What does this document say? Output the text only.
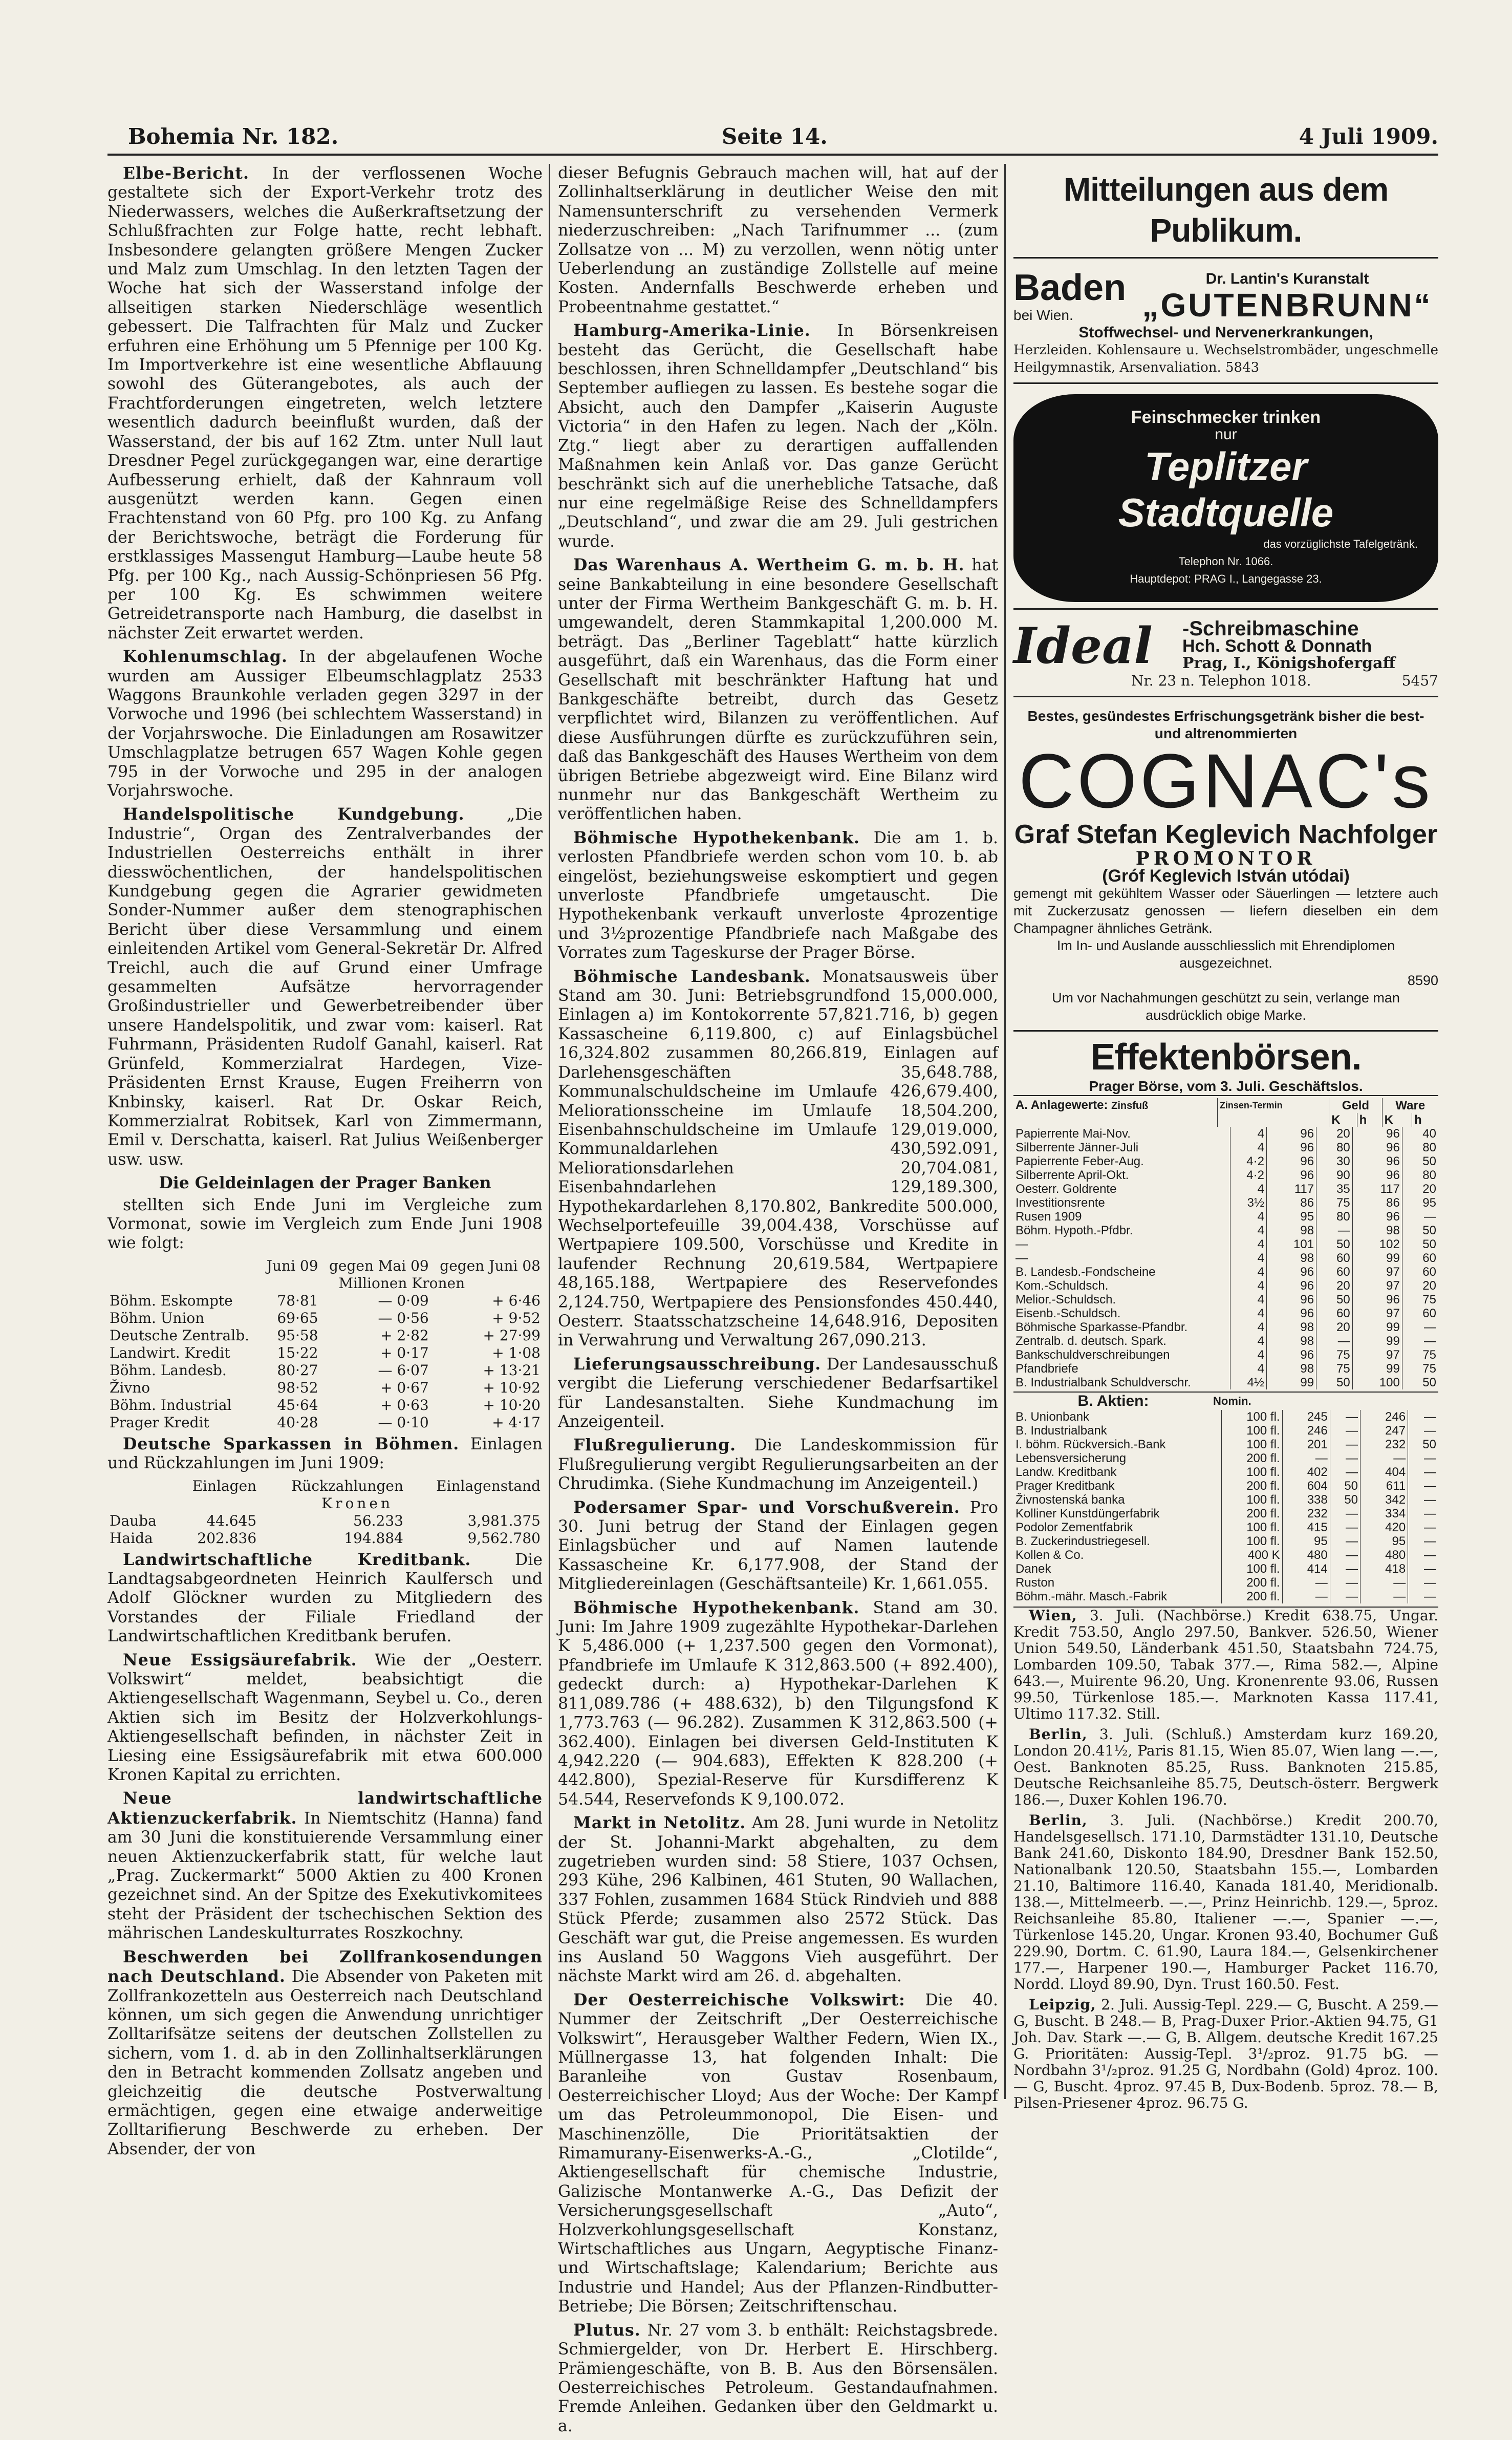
Bohemia Nr. 182.	Seite 14.	4 Juli 1909.

Elbe-Bericht. In der verflossenen Woche gestaltete sich der Export-Verkehr trotz des Niederwassers, welches die Außerkraftsetzung der Schlußfrachten zur Folge hatte, recht lebhaft. Insbesondere gelangten größere Mengen Zucker und Malz zum Umschlag. In den letzten Tagen der Woche hat sich der Wasserstand infolge der allseitigen starken Niederschläge wesentlich gebessert. Die Talfrachten für Malz und Zucker erfuhren eine Erhöhung um 5 Pfennige per 100 Kg. Im Importverkehre ist eine wesentliche Abflauung sowohl des Güterangebotes, als auch der Frachtforderungen eingetreten, welch letztere wesentlich dadurch beeinflußt wurden, daß der Wasserstand, der bis auf 162 Ztm. unter Null laut Dresdner Pegel zurückgegangen war, eine derartige Aufbesserung erhielt, daß der Kahnraum voll ausgenützt werden kann. Gegen einen Frachtenstand von 60 Pfg. pro 100 Kg. zu Anfang der Berichtswoche, beträgt die Forderung für erstklassiges Massengut Hamburg—Laube heute 58 Pfg. per 100 Kg., nach Aussig-Schönpriesen 56 Pfg. per 100 Kg. Es schwimmen weitere Getreidetransporte nach Hamburg, die daselbst in nächster Zeit erwartet werden.

Kohlenumschlag. In der abgelaufenen Woche wurden am Aussiger Elbeumschlagplatz 2533 Waggons Braunkohle verladen gegen 3297 in der Vorwoche und 1996 (bei schlechtem Wasserstand) in der Vorjahrswoche. Die Einladungen am Rosawitzer Umschlagplatze betrugen 657 Wagen Kohle gegen 795 in der Vorwoche und 295 in der analogen Vorjahrswoche.

Handelspolitische Kundgebung.	„Die Industrie“, Organ des Zentralverbandes der Industriellen Oesterreichs enthält in ihrer diesswöchentlichen, der handelspolitischen Kundgebung gegen die Agrarier gewidmeten Sonder-Nummer außer dem stenographischen Bericht über diese Versammlung und einem einleitenden Artikel vom General-Sekretär Dr. Alfred Treichl, auch die auf Grund einer Umfrage gesammelten Aufsätze hervorragender Großindustrieller und Gewerbetreibender über unsere Handelspolitik, und zwar vom: kaiserl. Rat Fuhrmann, Präsidenten Rudolf Ganahl, kaiserl. Rat Grünfeld, Kommerzialrat Hardegen, Vize-Präsidenten Ernst Krause, Eugen Freiherrn von Knbinsky, kaiserl. Rat Dr. Oskar Reich, Kommerzialrat Robitsek, Karl von Zimmermann, Emil v. Derschatta, kaiserl. Rat Julius Weißenberger usw. usw.

Die Geldeinlagen der Prager Banken

stellten sich Ende Juni im Vergleiche zum Vormonat, sowie im Vergleich zum Ende Juni 1908 wie folgt:

	Juni 09	gegen Mai 09	gegen Juni 08
	Millionen Kronen		
Böhm. Eskompte	78·81	— 0·09	+ 6·46
Böhm. Union	69·65	— 0·56	+ 9·52
Deutsche Zentralb.	95·58	+ 2·82	+ 27·99
Landwirt. Kredit	15·22	+ 0·17	+ 1·08
Böhm. Landesb.	80·27	— 6·07	+ 13·21
Živno	98·52	+ 0·67	+ 10·92
Böhm. Industrial	45·64	+ 0·63	+ 10·20
Prager Kredit	40·28	— 0·10	+ 4·17

Deutsche Sparkassen in Böhmen. Einlagen und Rückzahlungen im Juni 1909:

	Einlagen	Rückzahlungen	Einlagenstand
	Kronen		
Dauba	44.645	56.233	3,981.375
Haida	202.836	194.884	9,562.780

Landwirtschaftliche Kreditbank.	Die Landtagsabgeordneten Heinrich Kaulfersch und Adolf Glöckner wurden zu Mitgliedern des Vorstandes der Filiale Friedland der Landwirtschaftlichen Kreditbank berufen.

Neue Essigsäurefabrik. Wie der „Oesterr. Volkswirt“ meldet, beabsichtigt die Aktiengesellschaft Wagenmann, Seybel u. Co., deren Aktien sich im Besitz der Holzverkohlungs-Aktiengesellschaft befinden, in nächster Zeit in Liesing eine Essigsäurefabrik mit etwa 600.000 Kronen Kapital zu errichten.

Neue landwirtschaftliche Aktienzuckerfabrik. In Niemtschitz (Hanna) fand am 30 Juni die konstituierende Versammlung einer neuen Aktienzuckerfabrik statt, für welche laut „Prag. Zuckermarkt“ 5000 Aktien zu 400 Kronen gezeichnet sind. An der Spitze des Exekutivkomitees steht der Präsident der tschechischen Sektion des mährischen Landeskulturrates Roszkochny.

Beschwerden bei Zollfrankosendungen nach Deutschland. Die Absender von Paketen mit Zollfrankozetteln aus Oesterreich nach Deutschland können, um sich gegen die Anwendung unrichtiger Zolltarifsätze seitens der deutschen Zollstellen zu sichern, vom 1. d. ab in den Zollinhaltserklärungen den in Betracht kommenden Zollsatz angeben und gleichzeitig die deutsche Postverwaltung ermächtigen, gegen eine etwaige anderweitige Zolltarifierung Beschwerde zu erheben. Der Absender, der von

dieser Befugnis Gebrauch machen will, hat auf der Zollinhaltserklärung in deutlicher Weise den mit Namensunterschrift zu versehenden Vermerk niederzuschreiben: „Nach Tarifnummer ... (zum Zollsatze von ... M) zu verzollen, wenn nötig unter Ueberlendung an zuständige Zollstelle auf meine Kosten. Andernfalls Beschwerde erheben und Probeentnahme gestattet.“

Hamburg-Amerika-Linie. In Börsenkreisen besteht das Gerücht, die Gesellschaft habe beschlossen, ihren Schnelldampfer „Deutschland“ bis September aufliegen zu lassen. Es bestehe sogar die Absicht, auch den Dampfer „Kaiserin Auguste Victoria“ in den Hafen zu legen. Nach der „Köln. Ztg.“ liegt aber zu derartigen auffallenden Maßnahmen kein Anlaß vor. Das ganze Gerücht beschränkt sich auf die unerhebliche Tatsache, daß nur eine regelmäßige Reise des Schnelldampfers „Deutschland“, und zwar die am 29. Juli gestrichen wurde.

Das Warenhaus A. Wertheim G. m. b. H. hat seine Bankabteilung in eine besondere Gesellschaft unter der Firma Wertheim Bankgeschäft G. m. b. H. umgewandelt, deren Stammkapital 1,200.000 M. beträgt. Das „Berliner Tageblatt“ hatte kürzlich ausgeführt, daß ein Warenhaus, das die Form einer Gesellschaft mit beschränkter Haftung hat und Bankgeschäfte betreibt, durch das Gesetz verpflichtet wird, Bilanzen zu veröffentlichen. Auf diese Ausführungen dürfte es zurückzuführen sein, daß das Bankgeschäft des Hauses Wertheim von dem übrigen Betriebe abgezweigt wird. Eine Bilanz wird nunmehr nur das Bankgeschäft Wertheim zu veröffentlichen haben.

Böhmische Hypothekenbank. Die am 1. b. verlosten Pfandbriefe werden schon vom 10. b. ab eingelöst, beziehungsweise eskomptiert und gegen unverloste Pfandbriefe umgetauscht. Die Hypothekenbank verkauft unverloste 4prozentige und 3½prozentige Pfandbriefe nach Maßgabe des Vorrates zum Tageskurse der Prager Börse.

Böhmische Landesbank. Monatsausweis über Stand am 30. Juni: Betriebsgrundfond 15,000.000, Einlagen a) im Kontokorrente 57,821.716, b) gegen Kassascheine 6,119.800, c) auf Einlagsbüchel 16,324.802 zusammen 80,266.819, Einlagen auf Darlehensgeschäften 35,648.788, Kommunalschuldscheine im Umlaufe 426,679.400, Meliorationsscheine im Umlaufe 18,504.200, Eisenbahnschuldscheine im Umlaufe 129,019.000, Kommunaldarlehen 430,592.091, Meliorationsdarlehen 20,704.081, Eisenbahndarlehen 129,189.300, Hypothekardarlehen 8,170.802, Bankredite 500.000, Wechselportefeuille 39,004.438, Vorschüsse auf Wertpapiere 109.500, Vorschüsse und Kredite in laufender Rechnung 20,619.584, Wertpapiere 48,165.188, Wertpapiere des Reservefondes 2,124.750, Wertpapiere des Pensionsfondes 450.440, Oesterr. Staatsschatzscheine 14,648.916, Depositen in Verwahrung und Verwaltung 267,090.213.

Lieferungsausschreibung. Der Landesausschuß vergibt die Lieferung verschiedener Bedarfsartikel für Landesanstalten. Siehe Kundmachung im Anzeigenteil.

Flußregulierung. Die Landeskommission für Flußregulierung vergibt Regulierungsarbeiten an der Chrudimka. (Siehe Kundmachung im Anzeigenteil.)

Podersamer Spar- und Vorschußverein. Pro 30. Juni betrug der Stand der Einlagen gegen Einlagsbücher und auf Namen lautende Kassascheine Kr. 6,177.908, der Stand der Mitgliedereinlagen (Geschäftsanteile) Kr. 1,661.055.

Böhmische Hypothekenbank. Stand am 30. Juni: Im Jahre 1909 zugezählte Hypothekar-Darlehen K 5,486.000 (+ 1,237.500 gegen den Vormonat), Pfandbriefe im Umlaufe K 312,863.500 (+ 892.400), gedeckt durch: a) Hypothekar-Darlehen K 811,089.786 (+ 488.632), b) den Tilgungsfond K 1,773.763 (— 96.282). Zusammen K 312,863.500 (+ 362.400). Einlagen bei diversen Geld-Instituten K 4,942.220 (— 904.683), Effekten K 828.200 (+ 442.800), Spezial-Reserve für Kursdifferenz K 54.544, Reservefonds K 9,100.072.

Markt in Netolitz. Am 28. Juni wurde in Netolitz der St. Johanni-Markt abgehalten, zu dem zugetrieben wurden sind: 58 Stiere, 1037 Ochsen, 293 Kühe, 296 Kalbinen, 461 Stuten, 90 Wallachen, 337 Fohlen, zusammen 1684 Stück Rindvieh und 888 Stück Pferde; zusammen also 2572 Stück. Das Geschäft war gut, die Preise angemessen. Es wurden ins Ausland 50 Waggons Vieh ausgeführt. Der nächste Markt wird am 26. d. abgehalten.

Der Oesterreichische Volkswirt: Die 40. Nummer der Zeitschrift „Der Oesterreichische Volkswirt“, Herausgeber Walther Federn, Wien IX., Müllnergasse 13, hat folgenden Inhalt: Die Baranleihe von Gustav Rosenbaum, Oesterreichischer Lloyd; Aus der Woche: Der Kampf um das Petroleummonopol, Die Eisen- und Maschinenzölle, Die Prioritätsaktien der Rimamurany-Eisenwerks-A.-G., „Clotilde“, Aktiengesellschaft für chemische Industrie, Galizische Montanwerke A.-G., Das Defizit der Versicherungsgesellschaft „Auto“, Holzverkohlungsgesellschaft Konstanz, Wirtschaftliches aus Ungarn, Aegyptische Finanz- und Wirtschaftslage; Kalendarium; Berichte aus Industrie und Handel; Aus der Pflanzen-Rindbutter-Betriebe; Die Börsen; Zeitschriftenschau.

Plutus. Nr. 27 vom 3. b enthält: Reichstagsbrede. Schmiergelder, von Dr. Herbert E. Hirschberg. Prämiengeschäfte, von B. B. Aus den Börsensälen. Oesterreichisches Petroleum. Gestandaufnahmen. Fremde Anleihen. Gedanken über den Geldmarkt u. a.

Mitteilungen aus dem Publikum.
Baden
bei Wien.
Dr. Lantin's Kuranstalt
„GUTENBRUNN“
Stoffwechsel- und Nervenerkrankungen,
Herzleiden. Kohlensaure u. Wechselstrombäder, ungeschmelle Heilgymnastik, Arsenvaliation. 5843
Feinschmecker trinken
nur
Teplitzer Stadtquelle
das vorzüglichste Tafelgetränk.
Telephon Nr. 1066.
Hauptdepot: PRAG I., Langegasse 23.
Ideal	-Schreibmaschine
Hch. Schott & Donnath
Prag, I., Königshofergaff
Nr. 23 n. Telephon 1018.	5457
Bestes, gesündestes Erfrischungsgetränk bisher die best- und altrenommierten
COGNAC's
Graf Stefan Keglevich Nachfolger
PROMONTOR
(Gróf Keglevich István utódai)
gemengt mit gekühltem Wasser oder Säuerlingen — letztere auch mit Zuckerzusatz genossen — liefern dieselben ein dem Champagner ähnliches Getränk.
Im In- und Auslande ausschliesslich mit Ehrendiplomen ausgezeichnet.
8590
Um vor Nachahmungen geschützt zu sein, verlange man ausdrücklich obige Marke.
Effektenbörsen.
Prager Börse, vom 3. Juli. Geschäftslos.
A. Anlagewerte: Zinsfuß	Zinsen-Termin	Geld		Ware	
		K	h	K	h
Papierrente Mai-Nov.	4	96	20	96	40
Silberrente Jänner-Juli	4	96	80	96	80
Papierrente Feber-Aug.	4·2	96	30	96	50
Silberrente April-Okt.	4·2	96	90	96	80
Oesterr. Goldrente	4	117	35	117	20
Investitionsrente	3½	86	75	86	95
Rusen 1909	4	95	80	96	—
Böhm. Hypoth.-Pfdbr.	4	98	—	98	50
—	4	101	50	102	50
—	4	98	60	99	60
B. Landesb.-Fondscheine	4	96	60	97	60
Kom.-Schuldsch.	4	96	20	97	20
Melior.-Schuldsch.	4	96	50	96	75
Eisenb.-Schuldsch.	4	96	60	97	60
Böhmische Sparkasse-Pfandbr.	4	98	20	99	—
Zentralb. d. deutsch. Spark.	4	98	—	99	—
Bankschuldverschreibungen	4	96	75	97	75
Pfandbriefe	4	98	75	99	75
B. Industrialbank Schuldverschr.	4½	99	50	100	50
B. Aktien:	Nomin.
B. Unionbank	100 fl.	245	—	246	—
B. Industrialbank	100 fl.	246	—	247	—
I. böhm. Rückversich.-Bank	100 fl.	201	—	232	50
Lebensversicherung	200 fl.	—	—	—	—
Landw. Kreditbank	100 fl.	402	—	404	—
Prager Kreditbank	200 fl.	604	50	611	—
Živnostenská banka	100 fl.	338	50	342	—
Kolliner Kunstdüngerfabrik	200 fl.	232	—	334	—
Podolor Zementfabrik	100 fl.	415	—	420	—
B. Zuckerindustriegesell.	100 fl.	95	—	95	—
Kollen & Co.	400 K	480	—	480	—
Danek	100 fl.	414	—	418	—
Ruston	200 fl.	—	—	—	—
Böhm.-mähr. Masch.-Fabrik	200 fl.	—	—	—	—

Wien, 3. Juli. (Nachbörse.) Kredit 638.75, Ungar. Kredit 753.50, Anglo 297.50, Bankver. 526.50, Wiener Union 549.50, Länderbank 451.50, Staatsbahn 724.75, Lombarden 109.50, Tabak 377.—, Rima 582.—, Alpine 643.—, Muirente 96.20, Ung. Kronenrente 93.06, Russen 99.50, Türkenlose 185.—. Marknoten Kassa 117.41, Ultimo 117.32. Still.

Berlin, 3. Juli. (Schluß.) Amsterdam kurz 169.20, London 20.41½, Paris 81.15, Wien 85.07, Wien lang —.—, Oest. Banknoten 85.25, Russ. Banknoten 215.85, Deutsche Reichsanleihe 85.75, Deutsch-österr. Bergwerk 186.—, Duxer Kohlen 196.70.

Berlin, 3. Juli. (Nachbörse.) Kredit 200.70, Handelsgesellsch. 171.10, Darmstädter 131.10, Deutsche Bank 241.60, Diskonto 184.90, Dresdner Bank 152.50, Nationalbank 120.50, Staatsbahn 155.—, Lombarden 21.10, Baltimore 116.40, Kanada 181.40, Meridionalb. 138.—, Mittelmeerb. —.—, Prinz Heinrichb. 129.—, 5proz. Reichsanleihe 85.80, Italiener —.—, Spanier —.—, Türkenlose 145.20, Ungar. Kronen 93.40, Bochumer Guß 229.90, Dortm. C. 61.90, Laura 184.—, Gelsenkirchener 177.—, Harpener 190.—, Hamburger Packet 116.70, Nordd. Lloyd 89.90, Dyn. Trust 160.50. Fest.

Leipzig, 2. Juli. Aussig-Tepl. 229.— G, Buscht. A 259.— G, Buscht. B 248.— B, Prag-Duxer Prior.-Aktien 94.75, G1 Joh. Dav. Stark —.— G, B. Allgem. deutsche Kredit 167.25 G. Prioritäten: Aussig-Tepl. 3¹/₂proz. 91.75 bG. — Nordbahn 3¹/₂proz. 91.25 G, Nordbahn (Gold) 4proz. 100.— G, Buscht. 4proz. 97.45 B, Dux-Bodenb. 5proz. 78.— B, Pilsen-Priesener 4proz. 96.75 G.
